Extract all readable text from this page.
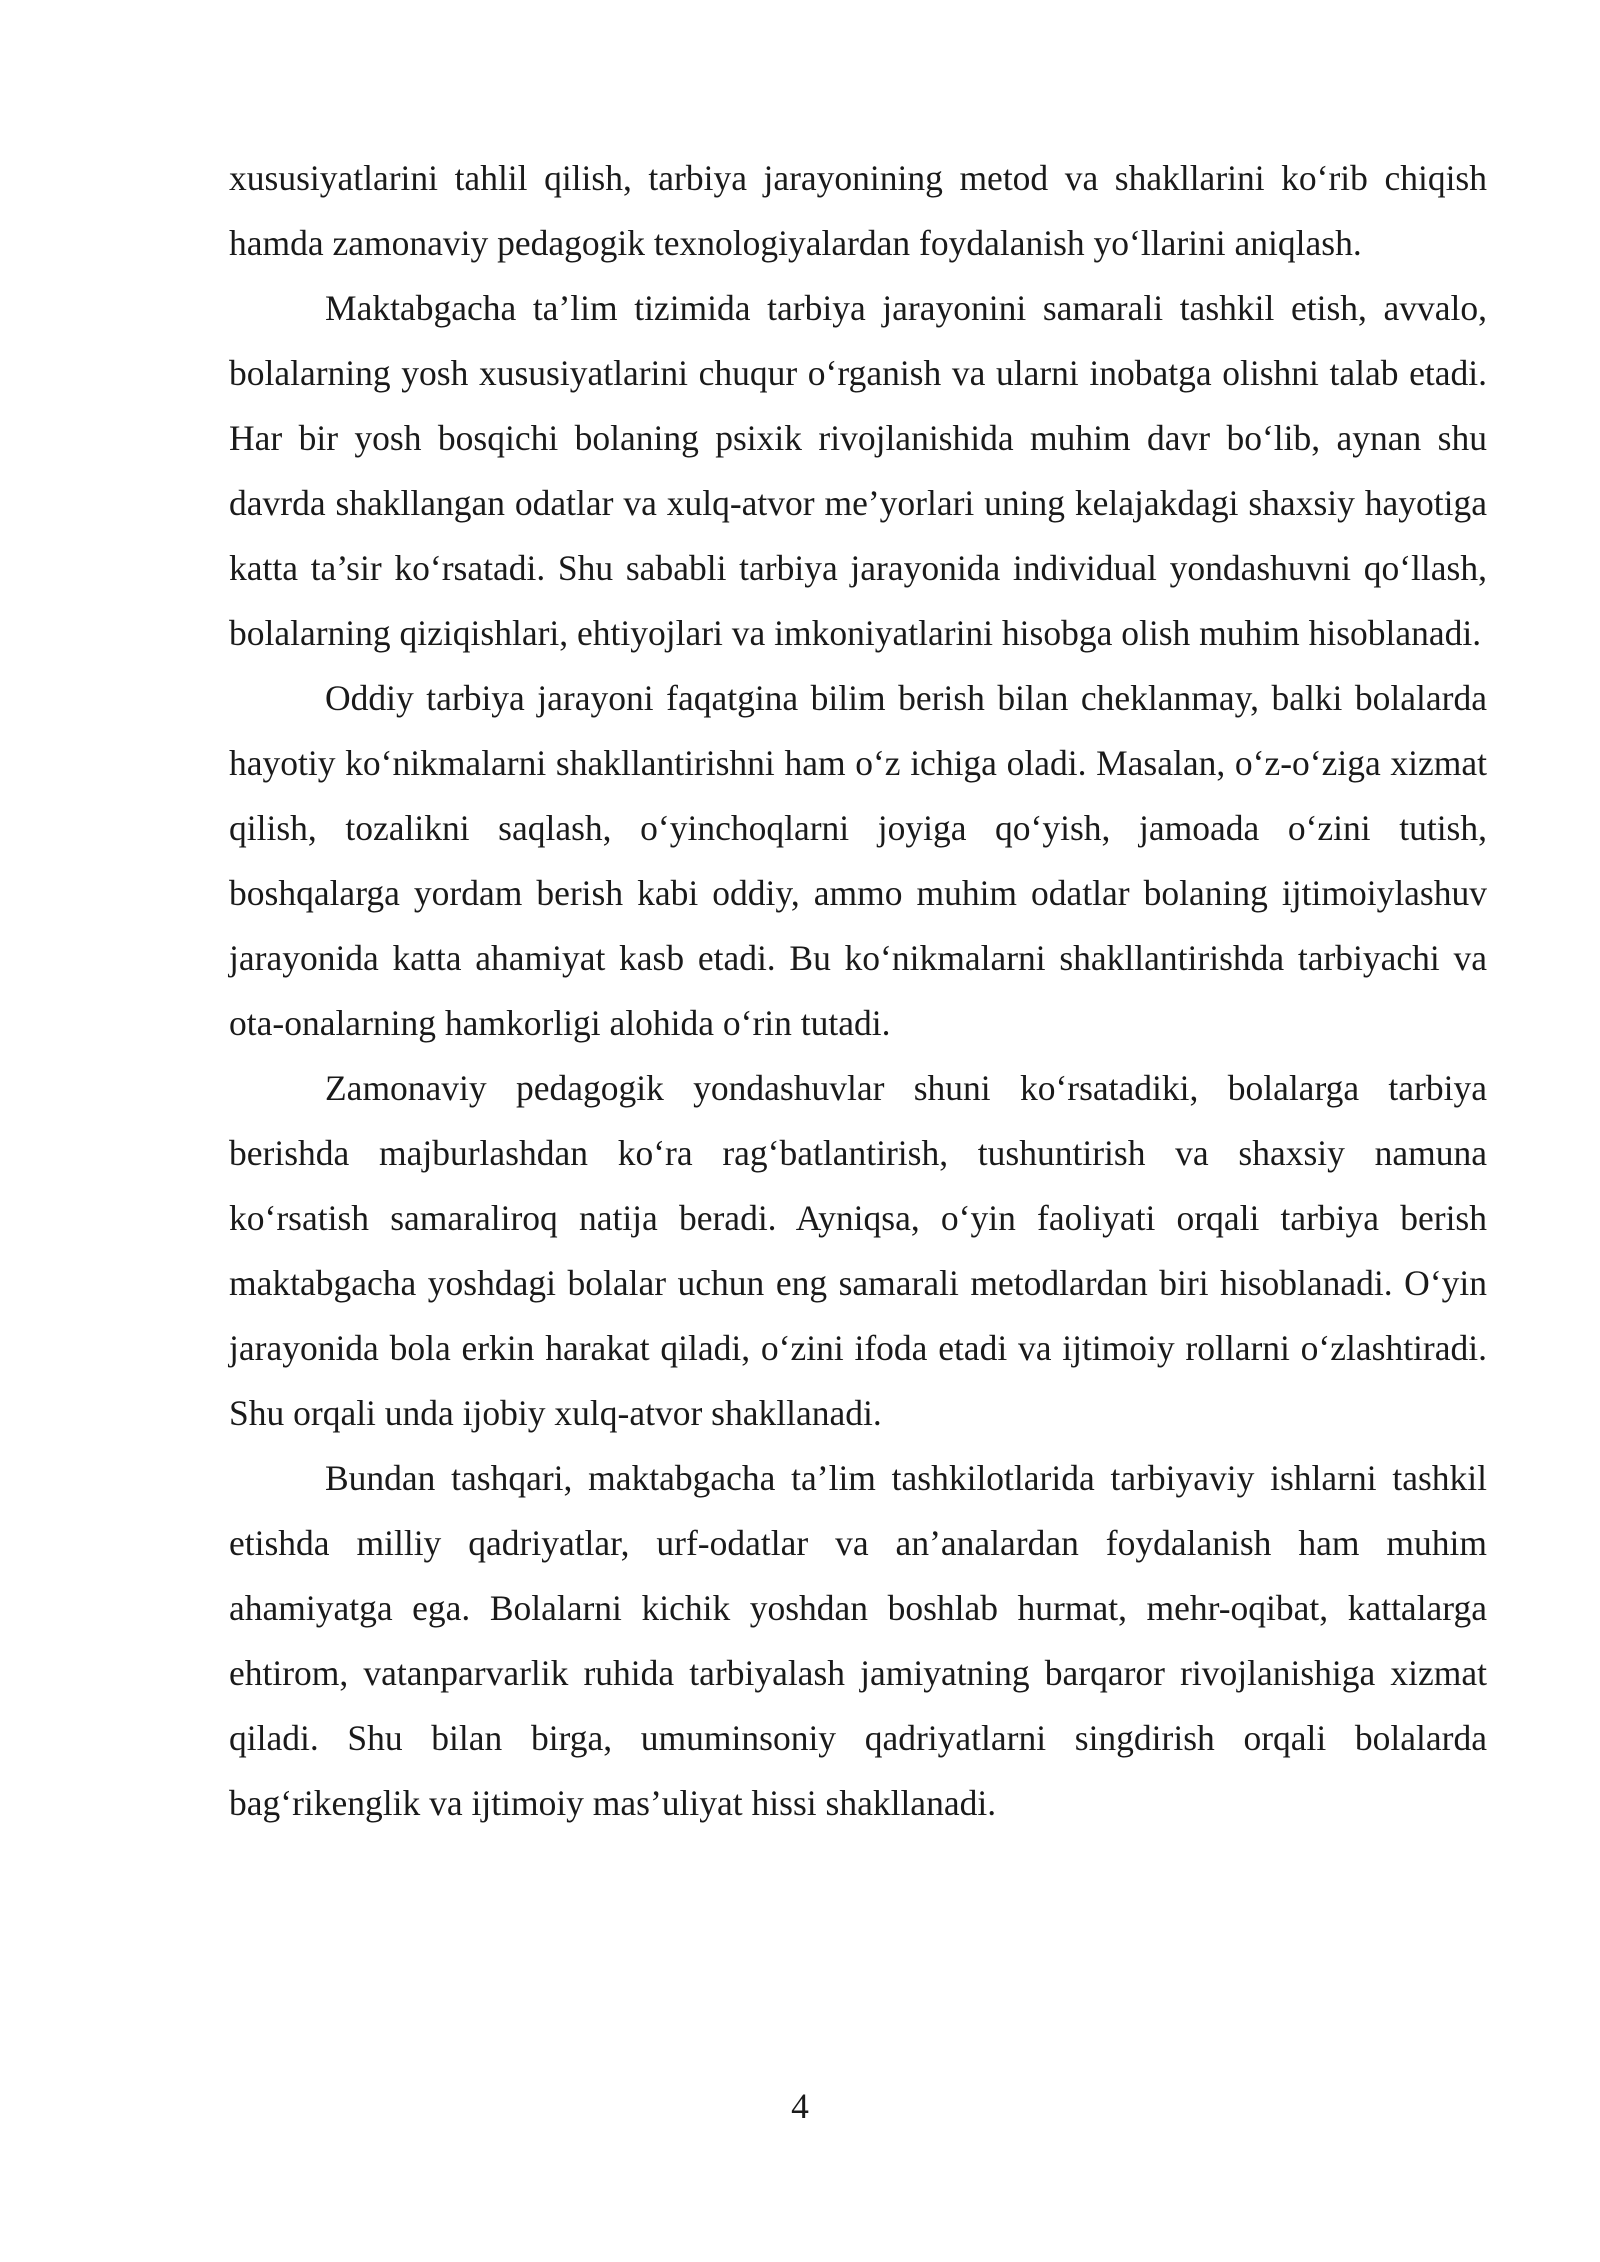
xususiyatlarini tahlil qilish, tarbiya jarayonining metod va shakllarini ko‘rib chiqish hamda zamonaviy pedagogik texnologiyalardan foydalanish yo‘llarini aniqlash.

Maktabgacha ta’lim tizimida tarbiya jarayonini samarali tashkil etish, avvalo, bolalarning yosh xususiyatlarini chuqur o‘rganish va ularni inobatga olishni talab etadi. Har bir yosh bosqichi bolaning psixik rivojlanishida muhim davr bo‘lib, aynan shu davrda shakllangan odatlar va xulq-atvor me’yorlari uning kelajakdagi shaxsiy hayotiga katta ta’sir ko‘rsatadi. Shu sababli tarbiya jarayonida individual yondashuvni qo‘llash, bolalarning qiziqishlari, ehtiyojlari va imkoniyatlarini hisobga olish muhim hisoblanadi.

Oddiy tarbiya jarayoni faqatgina bilim berish bilan cheklanmay, balki bolalarda hayotiy ko‘nikmalarni shakllantirishni ham o‘z ichiga oladi. Masalan, o‘z-o‘ziga xizmat qilish, tozalikni saqlash, o‘yinchoqlarni joyiga qo‘yish, jamoada o‘zini tutish, boshqalarga yordam berish kabi oddiy, ammo muhim odatlar bolaning ijtimoiylashuv jarayonida katta ahamiyat kasb etadi. Bu ko‘nikmalarni shakllantirishda tarbiyachi va ota-onalarning hamkorligi alohida o‘rin tutadi.

Zamonaviy pedagogik yondashuvlar shuni ko‘rsatadiki, bolalarga tarbiya berishda majburlashdan ko‘ra rag‘batlantirish, tushuntirish va shaxsiy namuna ko‘rsatish samaraliroq natija beradi. Ayniqsa, o‘yin faoliyati orqali tarbiya berish maktabgacha yoshdagi bolalar uchun eng samarali metodlardan biri hisoblanadi. O‘yin jarayonida bola erkin harakat qiladi, o‘zini ifoda etadi va ijtimoiy rollarni o‘zlashtiradi. Shu orqali unda ijobiy xulq-atvor shakllanadi.

Bundan tashqari, maktabgacha ta’lim tashkilotlarida tarbiyaviy ishlarni tashkil etishda milliy qadriyatlar, urf-odatlar va an’analardan foydalanish ham muhim ahamiyatga ega. Bolalarni kichik yoshdan boshlab hurmat, mehr-oqibat, kattalarga ehtirom, vatanparvarlik ruhida tarbiyalash jamiyatning barqaror rivojlanishiga xizmat qiladi. Shu bilan birga, umuminsoniy qadriyatlarni singdirish orqali bolalarda bag‘rikenglik va ijtimoiy mas’uliyat hissi shakllanadi.

4
